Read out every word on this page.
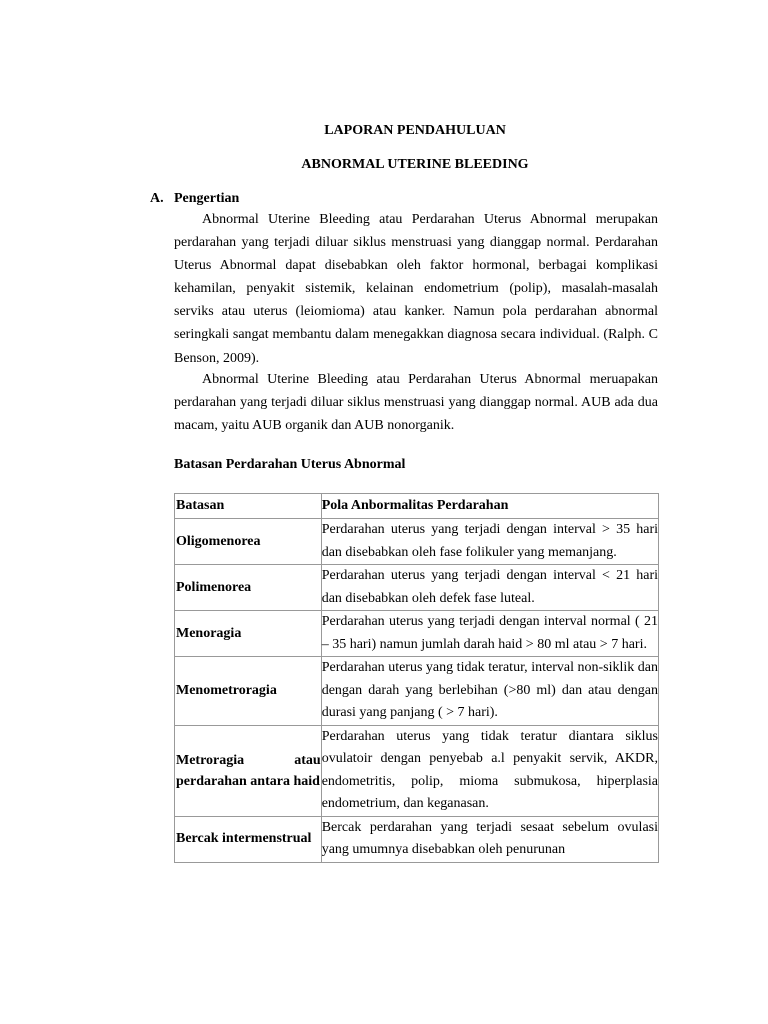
LAPORAN PENDAHULUAN
ABNORMAL UTERINE BLEEDING
A. Pengertian
Abnormal Uterine Bleeding atau Perdarahan Uterus Abnormal merupakan perdarahan yang terjadi diluar siklus menstruasi yang dianggap normal. Perdarahan Uterus Abnormal dapat disebabkan oleh faktor hormonal, berbagai komplikasi kehamilan, penyakit sistemik, kelainan endometrium (polip), masalah-masalah serviks atau uterus (leiomioma) atau kanker. Namun pola perdarahan abnormal seringkali sangat membantu dalam menegakkan diagnosa secara individual. (Ralph. C Benson, 2009).
Abnormal Uterine Bleeding atau Perdarahan Uterus Abnormal meruapakan perdarahan yang terjadi diluar siklus menstruasi yang dianggap normal. AUB ada dua macam, yaitu AUB organik dan AUB nonorganik.
Batasan Perdarahan Uterus Abnormal
Batasan	Pola Anbormalitas Perdarahan
Oligomenorea	Perdarahan uterus yang terjadi dengan interval > 35 hari dan disebabkan oleh fase folikuler yang memanjang.
Polimenorea	Perdarahan uterus yang terjadi dengan interval < 21 hari dan disebabkan oleh defek fase luteal.
Menoragia	Perdarahan uterus yang terjadi dengan interval normal ( 21 – 35 hari) namun jumlah darah haid > 80 ml atau > 7 hari.
Menometroragia	Perdarahan uterus yang tidak teratur, interval non-siklik dan dengan darah yang berlebihan (>80 ml) dan atau dengan durasi yang panjang ( > 7 hari).

Metroragia atau perdarahan antara haid	Perdarahan uterus yang tidak teratur diantara siklus ovulatoir dengan penyebab a.l penyakit servik, AKDR, endometritis, polip, mioma submukosa, hiperplasia endometrium, dan keganasan.
Bercak intermenstrual	Bercak perdarahan yang terjadi sesaat sebelum ovulasi yang umumnya disebabkan oleh penurunan
